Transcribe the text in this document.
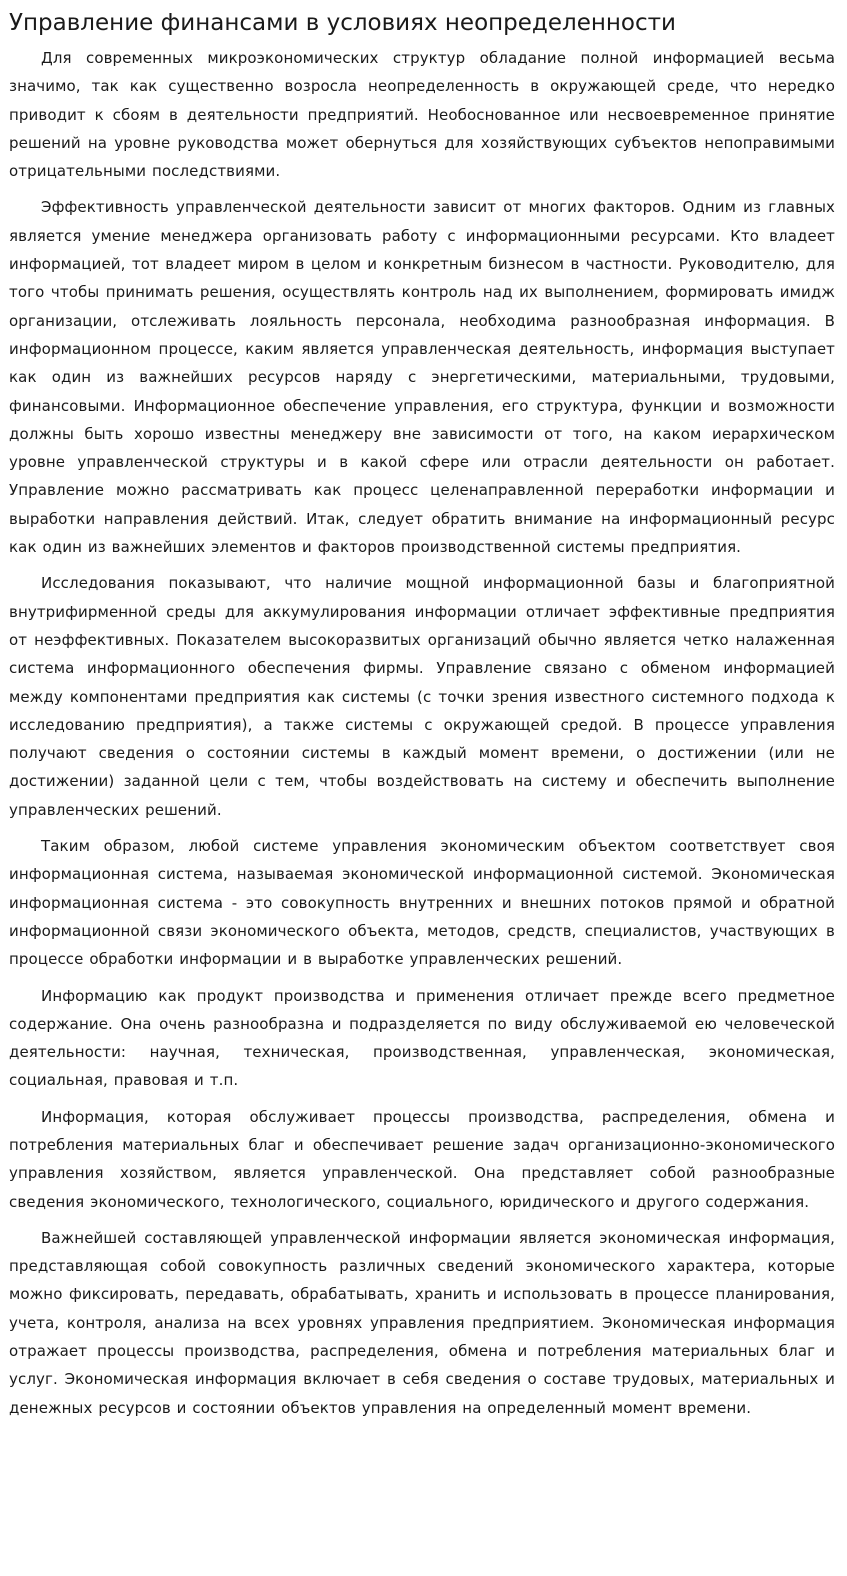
Управление финансами в условиях неопределенности

Для современных микроэкономических структур обладание полной информацией весьма значимо, так как существенно возросла неопределенность в окружающей среде, что нередко приводит к сбоям в деятельности предприятий. Необоснованное или несвоевременное принятие решений на уровне руководства может обернуться для хозяйствующих субъектов непоправимыми отрицательными последствиями.

Эффективность управленческой деятельности зависит от многих факторов. Одним из главных является умение менеджера организовать работу с информационными ресурсами. Кто владеет информацией, тот владеет миром в целом и конкретным бизнесом в частности. Руководителю, для того чтобы принимать решения, осуществлять контроль над их выполнением, формировать имидж организации, отслеживать лояльность персонала, необходима разнообразная информация. В информационном процессе, каким является управленческая деятельность, информация выступает как один из важнейших ресурсов наряду с энергетическими, материальными, трудовыми, финансовыми. Информационное обеспечение управления, его структура, функции и возможности должны быть хорошо известны менеджеру вне зависимости от того, на каком иерархическом уровне управленческой структуры и в какой сфере или отрасли деятельности он работает. Управление можно рассматривать как процесс целенаправленной переработки информации и выработки направления действий. Итак, следует обратить внимание на информационный ресурс как один из важнейших элементов и факторов производственной системы предприятия.

Исследования показывают, что наличие мощной информационной базы и благоприятной внутрифирменной среды для аккумулирования информации отличает эффективные предприятия от неэффективных. Показателем высокоразвитых организаций обычно является четко налаженная система информационного обеспечения фирмы. Управление связано с обменом информацией между компонентами предприятия как системы (с точки зрения известного системного подхода к исследованию предприятия), а также системы с окружающей средой. В процессе управления получают сведения о состоянии системы в каждый момент времени, о достижении (или не достижении) заданной цели с тем, чтобы воздействовать на систему и обеспечить выполнение управленческих решений.

Таким образом, любой системе управления экономическим объектом соответствует своя информационная система, называемая экономической информационной системой. Экономическая информационная система - это совокупность внутренних и внешних потоков прямой и обратной информационной связи экономического объекта, методов, средств, специалистов, участвующих в процессе обработки информации и в выработке управленческих решений.

Информацию как продукт производства и применения отличает прежде всего предметное содержание. Она очень разнообразна и подразделяется по виду обслуживаемой ею человеческой деятельности: научная, техническая, производственная, управленческая, экономическая, социальная, правовая и т.п.

Информация, которая обслуживает процессы производства, распределения, обмена и потребления материальных благ и обеспечивает решение задач организационно-экономического управления хозяйством, является управленческой. Она представляет собой разнообразные сведения экономического, технологического, социального, юридического и другого содержания.

Важнейшей составляющей управленческой информации является экономическая информация, представляющая собой совокупность различных сведений экономического характера, которые можно фиксировать, передавать, обрабатывать, хранить и использовать в процессе планирования, учета, контроля, анализа на всех уровнях управления предприятием. Экономическая информация отражает процессы производства, распределения, обмена и потребления материальных благ и услуг. Экономическая информация включает в себя сведения о составе трудовых, материальных и денежных ресурсов и состоянии объектов управления на определенный момент времени.
